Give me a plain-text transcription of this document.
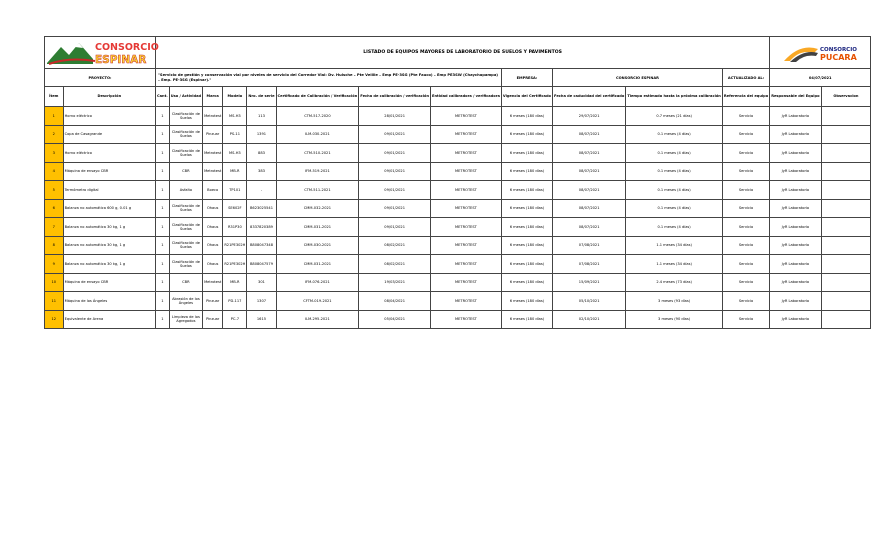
CONSORCIO
ESPINAR		LISTADO DE EQUIPOS MAYORES DE LABORATORIO DE SUELOS Y PAVIMENTOS												CONSORCIO
PUCARA	

PROYECTO:		"Servicio de gestión y conservación vial por niveles de servicio del Corredor Vial: Dv. Huische – Pte Velille – Emp PE-3SG (Pte Fauco) – Emp PE3SW (Chaychapampa) – Emp. PE-3SG (Espinar)."								EMPRESA:	CONSORCIO ESPINAR		ACTUALIZADO AL:	04/07/2021	
Ítem	Descripción	Cant.	Uso / Actividad	Marca	Modelo	Nro. de serie	Certificado de Calibración / Verificación	Fecha de calibración / verificación	Entidad calibradora / verificadora	Vigencia del Certificado	Fecha de caducidad del certificado	Tiempo estimado hasta la próxima calibración	Referencia del equipo	Responsable del Equipo	Observacion
1	Horno eléctrico	1	Clasificación de Suelos	Metrotest	MS-H3	113	CTM-517-2020	28/01/2021	METROTEST	6 meses (180 días)	29/07/2021	0.7 meses (21 días)	Servicio	JyR Laboratorio	
2	Copa de Casagrande	1	Clasificación de Suelos	Pinzuar	PS-11	1391	ILM-030-2021	09/01/2021	METROTEST	6 meses (180 días)	08/07/2021	0.1 meses (4 días)	Servicio	JyR Laboratorio	
3	Horno eléctrico	1	Clasificación de Suelos	Metrotest	MS-H3	883	CTM-510-2021	09/01/2021	METROTEST	6 meses (180 días)	08/07/2021	0.1 meses (4 días)	Servicio	JyR Laboratorio	
4	Máquina de ensayo CBR	1	CBR	Metrotest	MB-R	383	IFM-519-2021	09/01/2021	METROTEST	6 meses (180 días)	08/07/2021	0.1 meses (4 días)	Servicio	JyR Laboratorio	
5	Termómetro digital	1	Asfalto	Boeco	TP101	-	CTM-511-2021	09/01/2021	METROTEST	6 meses (180 días)	08/07/2021	0.1 meses (4 días)	Servicio	JyR Laboratorio	
6	Balanza no automática 600 g, 0.01 g	1	Clasificación de Suelos	Ohaus	SE602F	B623025541	CMM-032-2021	09/01/2021	METROTEST	6 meses (180 días)	08/07/2021	0.1 meses (4 días)	Servicio	JyR Laboratorio	
7	Balanza no automática 30 kg, 1 g	1	Clasificación de Suelos	Ohaus	R31P30	8337820389	CMM-031-2021	09/01/2021	METROTEST	6 meses (180 días)	08/07/2021	0.1 meses (4 días)	Servicio	JyR Laboratorio	
8	Balanza no automática 30 kg, 1 g	1	Clasificación de Suelos	Ohaus	R21PE302H	B808047348	CMM-030-2021	08/02/2021	METROTEST	6 meses (180 días)	07/08/2021	1.1 meses (34 días)	Servicio	JyR Laboratorio	
9	Balanza no automática 30 kg, 1 g	1	Clasificación de Suelos	Ohaus	R21PE302H	B808047579	CMM-031-2021	08/02/2021	METROTEST	6 meses (180 días)	07/08/2021	1.1 meses (34 días)	Servicio	JyR Laboratorio	
10	Máquina de ensayo CBR	1	CBR	Metrotest	MB-R	301	IFM-076-2021	19/03/2021	METROTEST	6 meses (180 días)	15/09/2021	2.4 meses (73 días)	Servicio	JyR Laboratorio	
11	Máquina de los Ángeles	1	Abrasión de los Ángeles	Pinzuar	PD-117	1307	CFTM-019-2021	08/04/2021	METROTEST	6 meses (180 días)	05/10/2021	3 meses (93 días)	Servicio	JyR Laboratorio	
12	Equivalente de Arena	1	Limpieza de los Agregados	Pinzuar	PC-7	1615	ILM-295-2021	05/04/2021	METROTEST	6 meses (180 días)	02/10/2021	3 meses (90 días)	Servicio	JyR Laboratorio	
